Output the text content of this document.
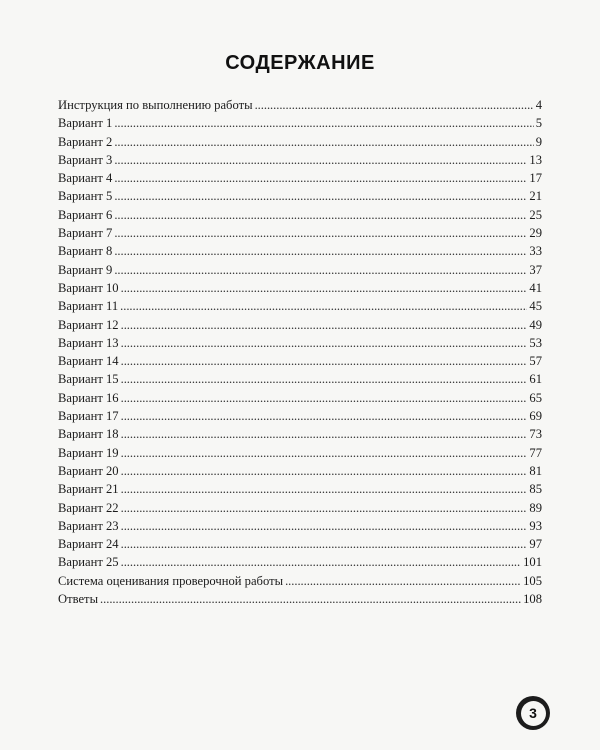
СОДЕРЖАНИЕ
Инструкция по выполнению работы . . .	4
Вариант 1 . . .	5
Вариант 2 . . .	9
Вариант 3 . . .	13
Вариант 4 . . .	17
Вариант 5 . . .	21
Вариант 6 . . .	25
Вариант 7 . . .	29
Вариант 8 . . .	33
Вариант 9 . . .	37
Вариант 10 . . .	41
Вариант 11 . . .	45
Вариант 12 . . .	49
Вариант 13 . . .	53
Вариант 14 . . .	57
Вариант 15 . . .	61
Вариант 16 . . .	65
Вариант 17 . . .	69
Вариант 18 . . .	73
Вариант 19 . . .	77
Вариант 20 . . .	81
Вариант 21 . . .	85
Вариант 22 . . .	89
Вариант 23 . . .	93
Вариант 24 . . .	97
Вариант 25 . . .	101
Система оценивания проверочной работы . . .	105
Ответы . . .	108
3
